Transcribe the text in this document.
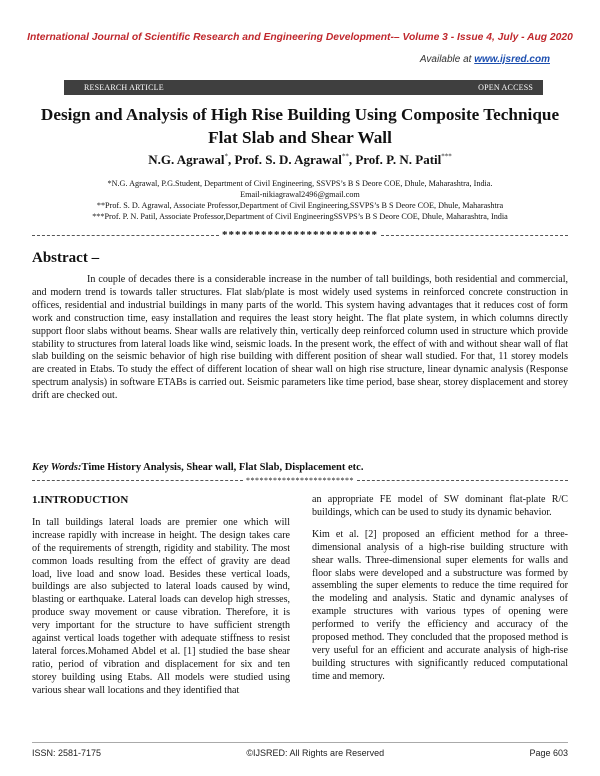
International Journal of Scientific Research and Engineering Development-– Volume 3 - Issue 4, July - Aug 2020
Available at www.ijsred.com
RESEARCH ARTICLE	OPEN ACCESS
Design and Analysis of High Rise Building Using Composite Technique Flat Slab and Shear Wall
N.G. Agrawal*, Prof. S. D. Agrawal**, Prof. P. N. Patil***
*N.G. Agrawal, P.G.Student, Department of Civil Engineering, SSVPS’s B S Deore COE, Dhule, Maharashtra, India.
Email-nikiagrawal2496@gmail.com
**Prof. S. D. Agrawal, Associate Professor,Department of Civil Engineering,SSVPS’s B S Deore COE, Dhule, Maharashtra
***Prof. P. N. Patil, Associate Professor,Department of Civil EngineeringSSVPS’s B S Deore COE, Dhule, Maharashtra, India
************************
Abstract –
In couple of decades there is a considerable increase in the number of tall buildings, both residential and commercial, and modern trend is towards taller structures. Flat slab/plate is most widely used systems in reinforced concrete construction in offices, residential and industrial buildings in many parts of the world. This system having advantages that it reduces cost of form work and construction time, easy installation and requires the least story height. The flat plate system, in which columns directly support floor slabs without beams. Shear walls are relatively thin, vertically deep reinforced column used in structure which provide stability to structures from lateral loads like wind, seismic loads. In the present work, the effect of with and without shear wall of flat slab building on the seismic behavior of high rise building with different position of shear wall studied. For that, 11 storey models are created in Etabs. To study the effect of different location of shear wall on high rise structure, linear dynamic analysis (Response spectrum analysis) in software ETABs is carried out. Seismic parameters like time period, base shear, storey displacement and storey drift are checked out.
Key Words:Time History Analysis, Shear wall, Flat Slab, Displacement etc.
************************
1.INTRODUCTION

In tall buildings lateral loads are premier one which will increase rapidly with increase in height. The design takes care of the requirements of strength, rigidity and stability. The most common loads resulting from the effect of gravity are dead load, live load and snow load. Besides these vertical loads, buildings are also subjected to lateral loads caused by wind, blasting or earthquake. Lateral loads can develop high stresses, produce sway movement or cause vibration. Therefore, it is very important for the structure to have sufficient strength against vertical loads together with adequate stiffness to resist lateral forces.Mohamed Abdel et al. [1] studied the base shear ratio, period of vibration and displacement for six and ten storey building using Etabs. All models were studied using various shear wall locations and they identified that

an appropriate FE model of SW dominant flat-plate R/C buildings, which can be used to study its dynamic behavior.

Kim et al. [2] proposed an efficient method for a three-dimensional analysis of a high-rise building structure with shear walls. Three-dimensional super elements for walls and floor slabs were developed and a substructure was formed by assembling the super elements to reduce the time required for the modeling and analysis. Static and dynamic analyses of example structures with various types of opening were performed to verify the efficiency and accuracy of the proposed method. They concluded that the proposed method is very useful for an efficient and accurate analysis of high-rise building structures with significantly reduced computational time and memory.

ISSN: 2581-7175	©IJSRED: All Rights are Reserved	Page 603
